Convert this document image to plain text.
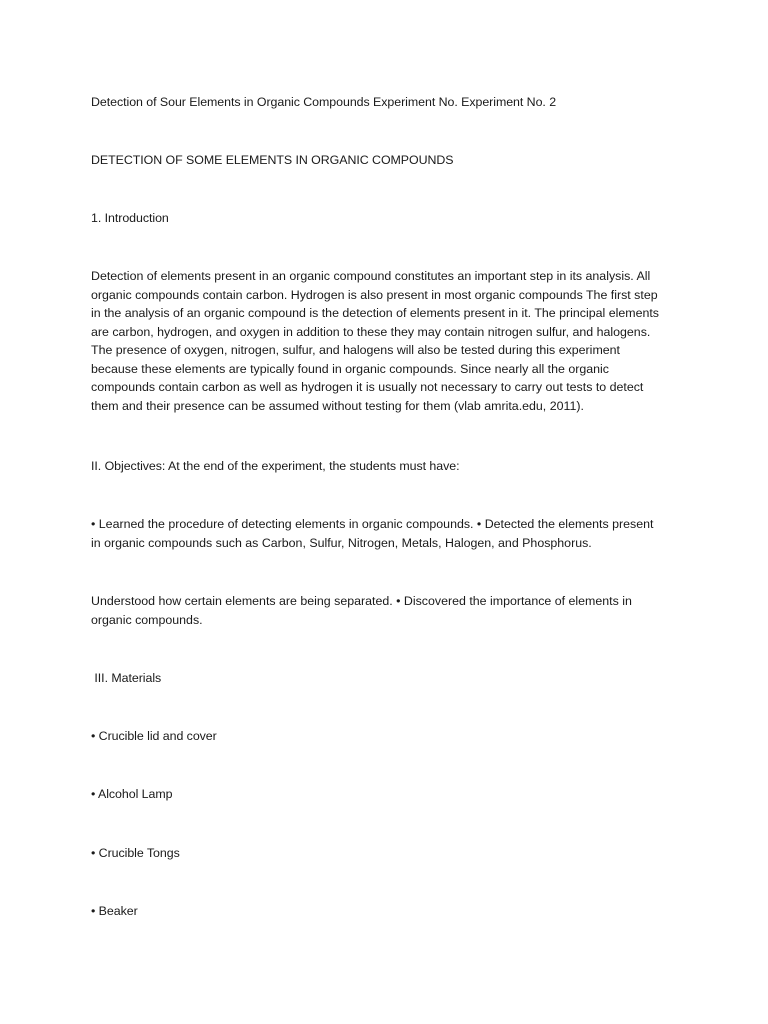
Detection of Sour Elements in Organic Compounds Experiment No. Experiment No. 2

DETECTION OF SOME ELEMENTS IN ORGANIC COMPOUNDS

1. Introduction

Detection of elements present in an organic compound constitutes an important step in its analysis. All
organic compounds contain carbon. Hydrogen is also present in most organic compounds The first step
in the analysis of an organic compound is the detection of elements present in it. The principal elements
are carbon, hydrogen, and oxygen in addition to these they may contain nitrogen sulfur, and halogens.
The presence of oxygen, nitrogen, sulfur, and halogens will also be tested during this experiment
because these elements are typically found in organic compounds. Since nearly all the organic
compounds contain carbon as well as hydrogen it is usually not necessary to carry out tests to detect
them and their presence can be assumed without testing for them (vlab amrita.edu, 2011).

II. Objectives: At the end of the experiment, the students must have:

• Learned the procedure of detecting elements in organic compounds. • Detected the elements present
in organic compounds such as Carbon, Sulfur, Nitrogen, Metals, Halogen, and Phosphorus.
Understood how certain elements are being separated. • Discovered the importance of elements in
organic compounds.

III. Materials

• Crucible lid and cover

• Alcohol Lamp

• Crucible Tongs

• Beaker
